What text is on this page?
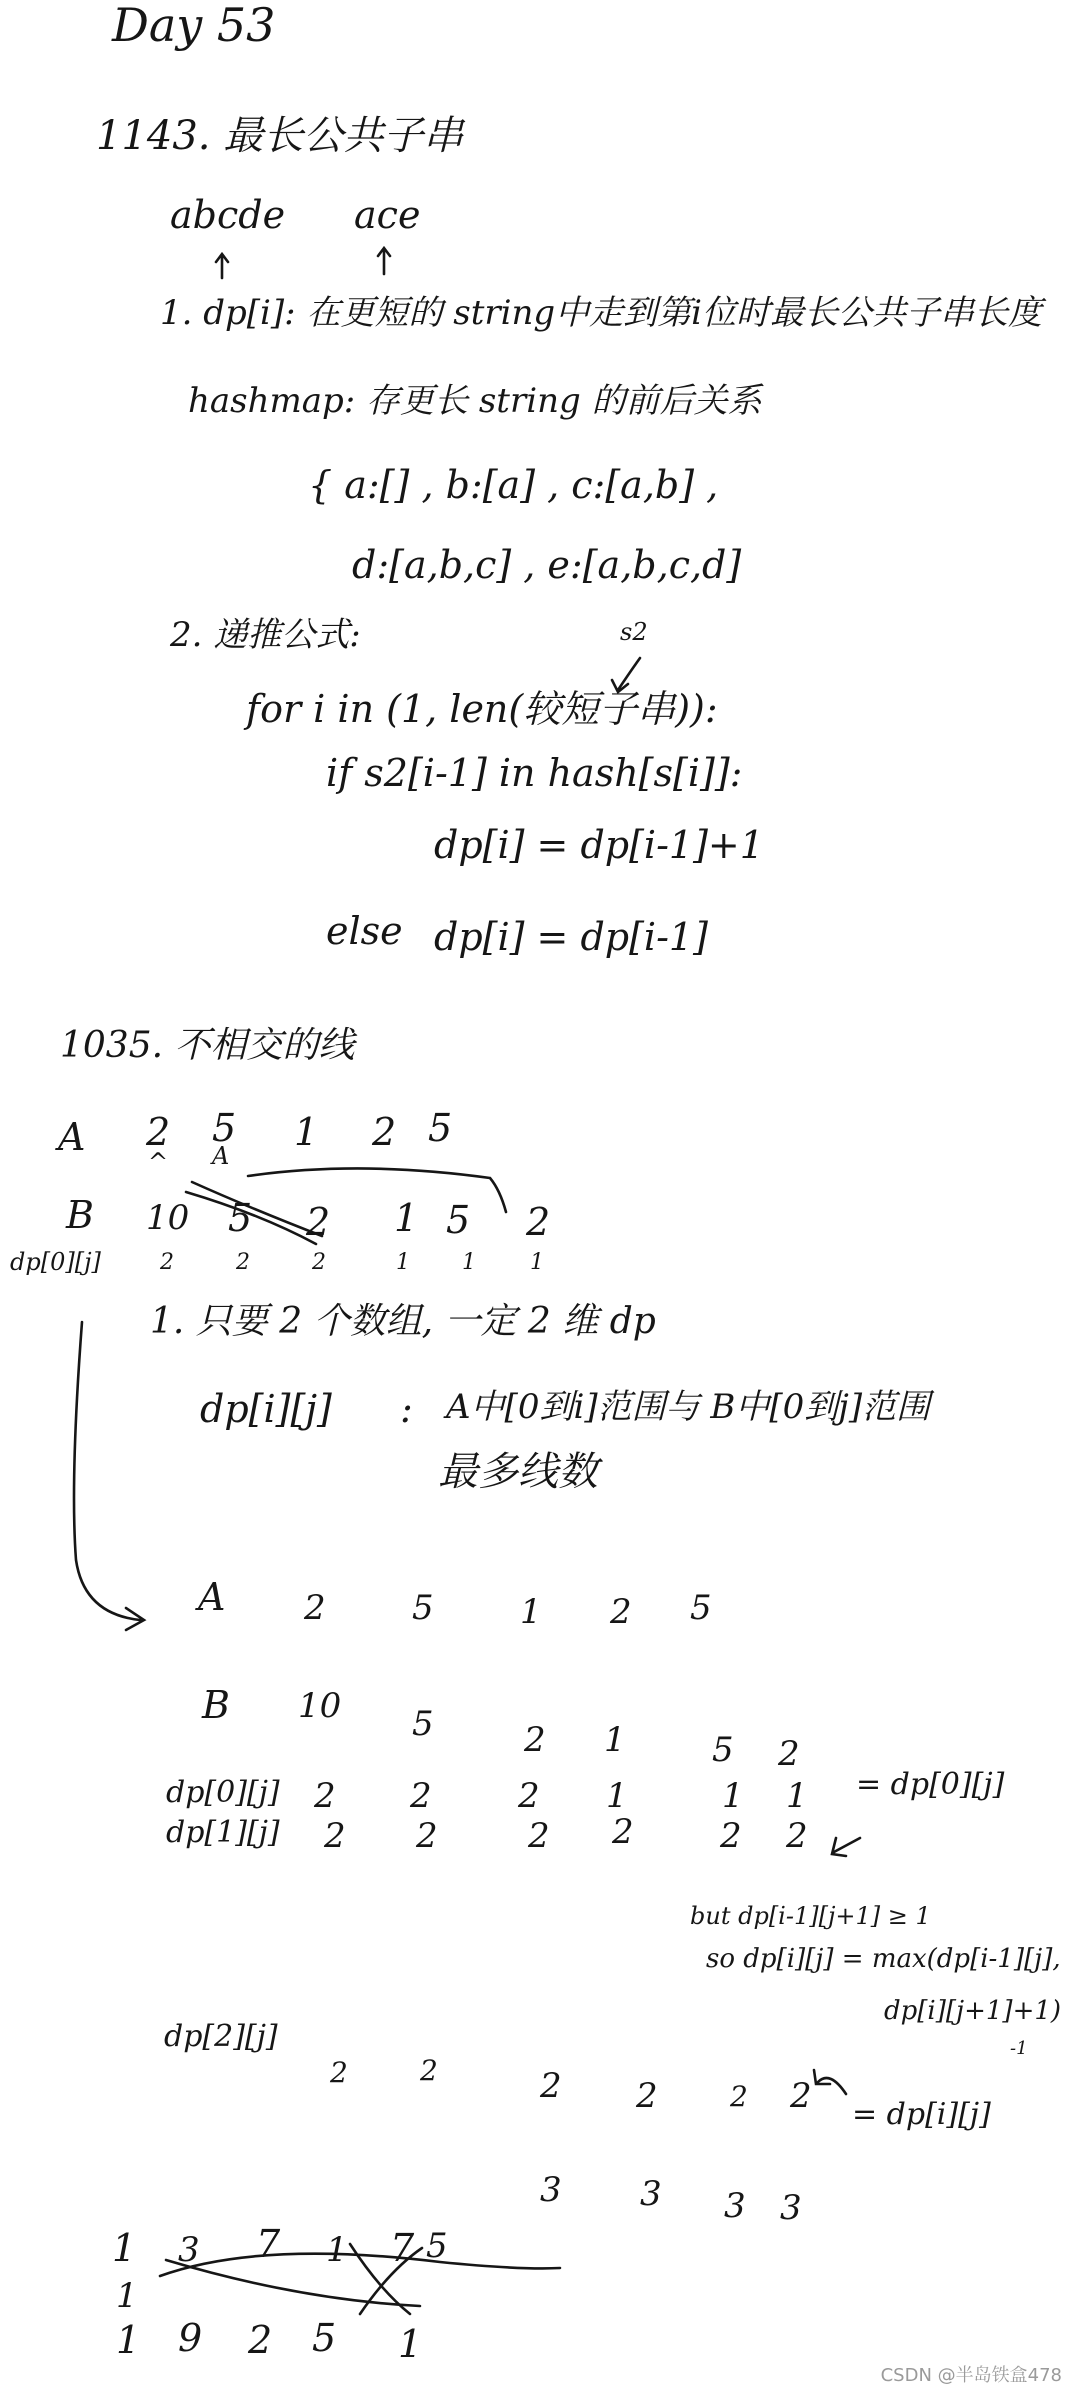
Day 53
1143. 最长公共子串
abcde ace
1. dp[i]: 在更短的 string中走到第i位时最长公共子串长度
hashmap: 存更长 string 的前后关系
{ a:[] , b:[a] , c:[a,b] ,
d:[a,b,c] , e:[a,b,c,d]
2. 递推公式:	s2
for i in (1, len(较短子串)):
if s2[i-1] in hash[s[i]]:
dp[i] = dp[i-1]+1
else dp[i] = dp[i-1]
1035. 不相交的线
A 2 5 1 2 5
^ A
B 10 5 2 1 5 2
dp[0][j]	2	2	2	1 1 1
1. 只要 2 个数组, 一定 2 维 dp
dp[i][j] : A中[0到i]范围与 B中[0到j]范围
最多线数
A 2	5	1 2 5
B 10 5	2 1	5 2
dp[0][j] 2 2	2 1	1 1 = dp[0][j]
dp[1][j] 2 2	2 2	2 2
but dp[i-1][j+1] ≥ 1
so dp[i][j] = max(dp[i-1][j],
dp[i][j+1]+1)
-1
dp[2][j]
2	2	2 2	2 2 = dp[i][j]
3 3 3 3
1 3 7 1 7 5
1
1 9 2 5 1
CSDN @半岛铁盒478
